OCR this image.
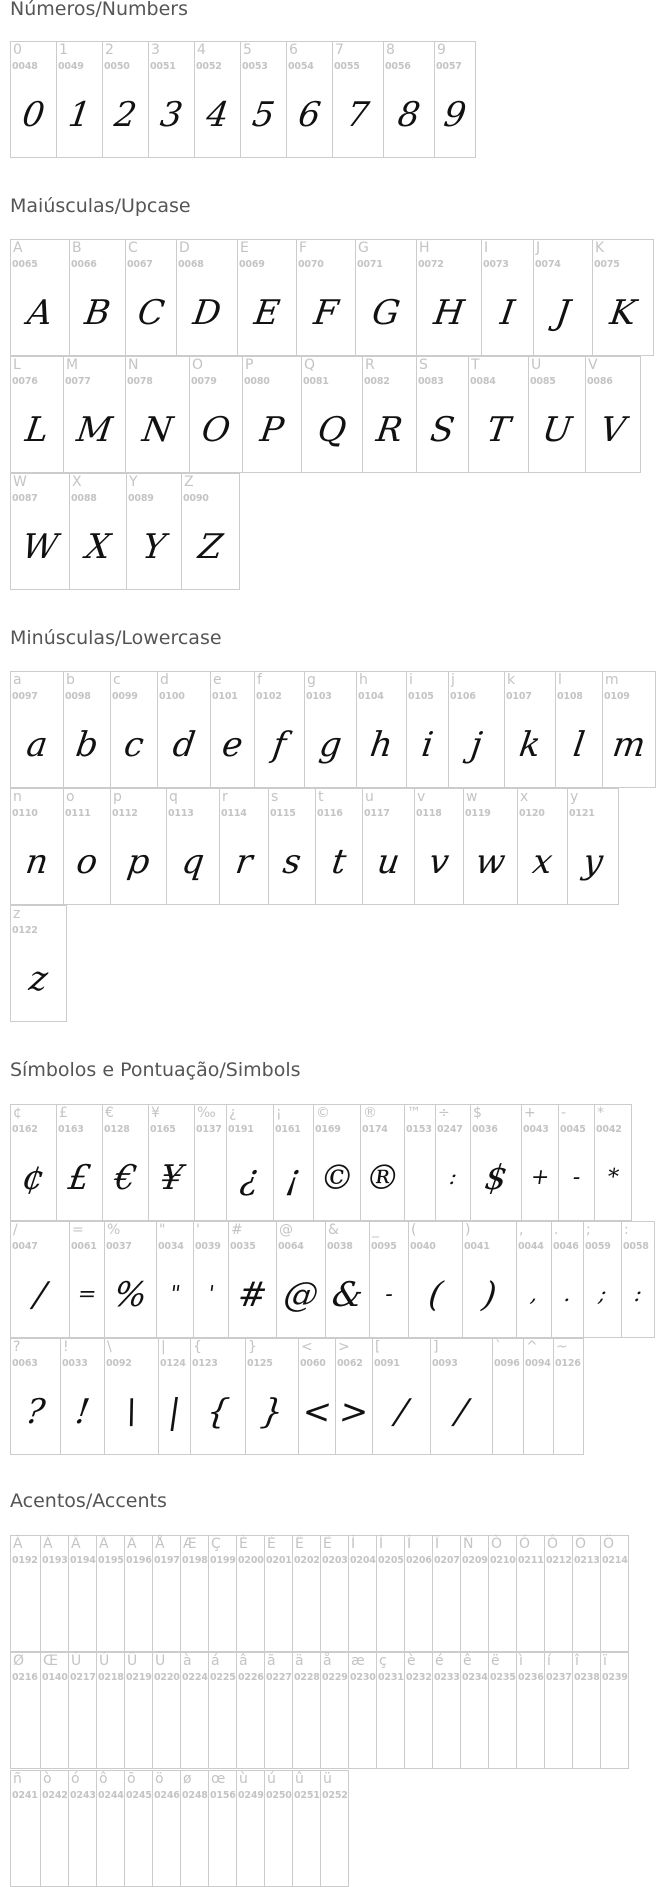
Números/Numbers
Maiúsculas/Upcase
Minúsculas/Lowercase
Símbolos e Pontuação/Simbols
Acentos/Accents
0
0048
0
1
0049
1
2
0050
2
3
0051
3
4
0052
4
5
0053
5
6
0054
6
7
0055
7
8
0056
8
9
0057
9
A
0065
A
B
0066
B
C
0067
C
D
0068
D
E
0069
E
F
0070
F
G
0071
G
H
0072
H
I
0073
I
J
0074
J
K
0075
K
L
0076
L
M
0077
M
N
0078
N
O
0079
O
P
0080
P
Q
0081
Q
R
0082
R
S
0083
S
T
0084
T
U
0085
U
V
0086
V
W
0087
W
X
0088
X
Y
0089
Y
Z
0090
Z
a
0097
a
b
0098
b
c
0099
c
d
0100
d
e
0101
e
f
0102
f
g
0103
g
h
0104
h
i
0105
i
j
0106
j
k
0107
k
l
0108
l
m
0109
m
n
0110
n
o
0111
o
p
0112
p
q
0113
q
r
0114
r
s
0115
s
t
0116
t
u
0117
u
v
0118
v
w
0119
w
x
0120
x
y
0121
y
z
0122
z
¢
0162
¢
£
0163
£
€
0128
€
¥
0165
¥
‰
0137
¿
0191
¿
¡
0161
¡
©
0169
©
®
0174
®
™
0153
÷
0247
:
$
0036
$
+
0043
+
-
0045
-
*
0042
*
/
0047
/
=
0061
=
%
0037
%
"
0034
"
'
0039
'
#
0035
#
@
0064
@
&
0038
&
_
0095
-
(
0040
(
)
0041
)
,
0044
,
.
0046
.
;
0059
;
:
0058
:
?
0063
?
!
0033
!
\
0092
\
|
0124
|
{
0123
{
}
0125
}
<
0060
<
>
0062
>
[
0091
/
]
0093
/
`
0096
^
0094
~
0126
À
0192
Á
0193
Â
0194
Ã
0195
Ä
0196
Å
0197
Æ
0198
Ç
0199
È
0200
É
0201
Ê
0202
Ë
0203
Ì
0204
Í
0205
Î
0206
Ï
0207
Ñ
0209
Ò
0210
Ó
0211
Ô
0212
Õ
0213
Ö
0214
Ø
0216
Œ
0140
Ù
0217
Ú
0218
Û
0219
Ü
0220
à
0224
á
0225
â
0226
ã
0227
ä
0228
å
0229
æ
0230
ç
0231
è
0232
é
0233
ê
0234
ë
0235
ì
0236
í
0237
î
0238
ï
0239
ñ
0241
ò
0242
ó
0243
ô
0244
õ
0245
ö
0246
ø
0248
œ
0156
ù
0249
ú
0250
û
0251
ü
0252
